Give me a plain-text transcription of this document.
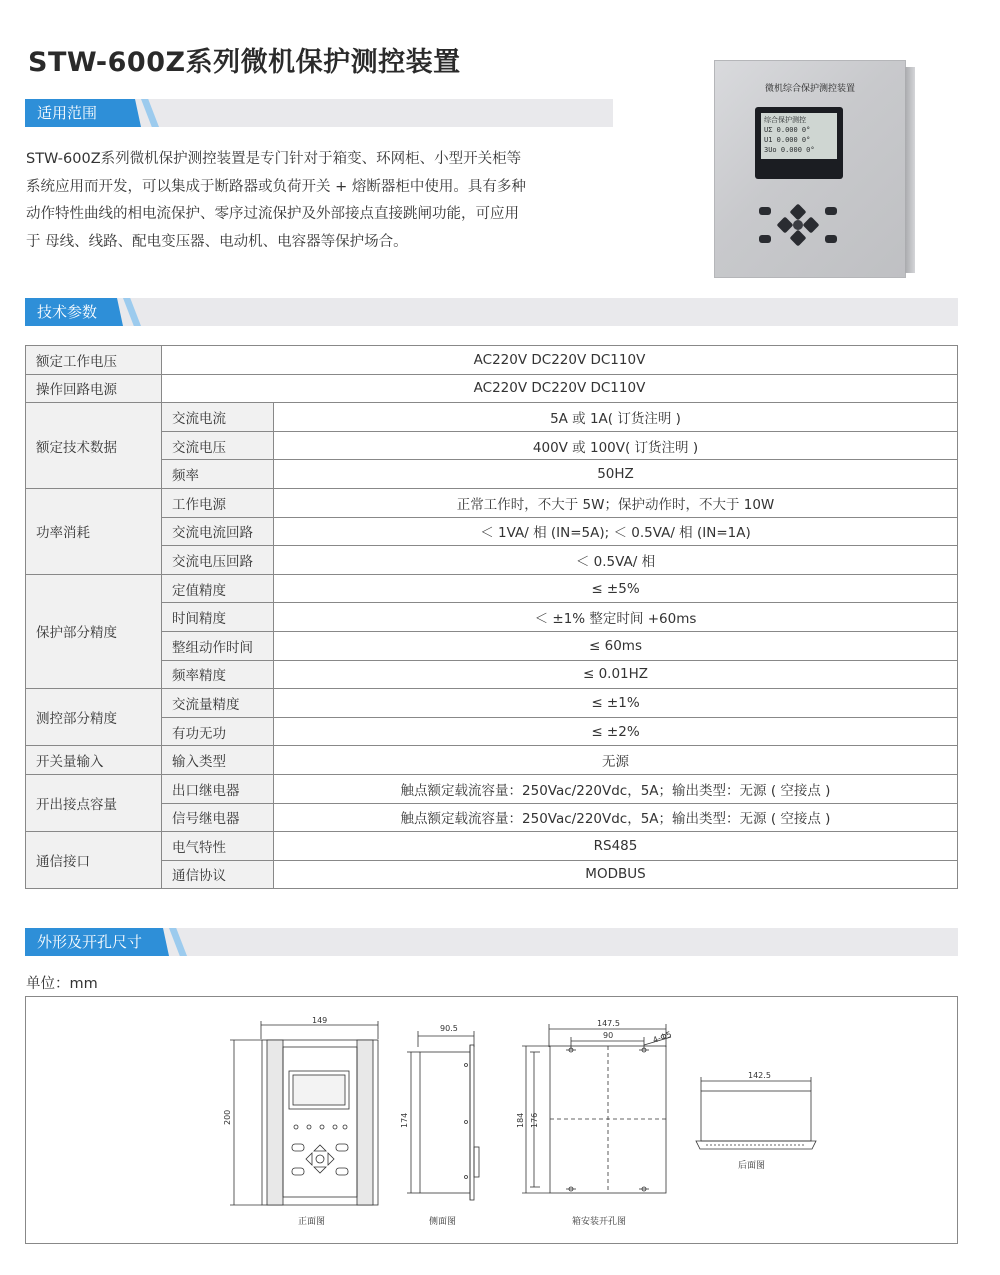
STW-600Z系列微机保护测控装置
适用范围
STW-600Z系列微机保护测控装置是专门针对于箱变、环网柜、小型开关柜等
系统应用而开发，可以集成于断路器或负荷开关 + 熔断器柜中使用。具有多种
动作特性曲线的相电流保护、零序过流保护及外部接点直接跳闸功能，可应用
于 母线、线路、配电变压器、电动机、电容器等保护场合。
微机综合保护测控装置
综合保护测控
UΣ 0.000 0°
U1 0.000 0°
3Uo 0.000 0°
技术参数
额定工作电压	AC220V DC220V DC110V	
操作回路电源	AC220V DC220V DC110V	
额定技术数据	交流电流	5A 或 1A( 订货注明 )
	交流电压	400V 或 100V( 订货注明 )
	频率	50HZ
功率消耗	工作电源	正常工作时，不大于 5W；保护动作时，不大于 10W
	交流电流回路	＜ 1VA/ 相 (IN=5A); ＜ 0.5VA/ 相 (IN=1A)
	交流电压回路	＜ 0.5VA/ 相
保护部分精度	定值精度	≤ ±5%
	时间精度	＜ ±1% 整定时间 +60ms
	整组动作时间	≤ 60ms
	频率精度	≤ 0.01HZ
测控部分精度	交流量精度	≤ ±1%
	有功无功	≤ ±2%
开关量输入	输入类型	无源
开出接点容量	出口继电器	触点额定载流容量：250Vac/220Vdc，5A；输出类型：无源 ( 空接点 )
	信号继电器	触点额定载流容量：250Vac/220Vdc，5A；输出类型：无源 ( 空接点 )
通信接口	电气特性	RS485
	通信协议	MODBUS
外形及开孔尺寸
单位：mm
149
200
正面图
90.5
174
侧面图
147.5
90	4-Φ5
184 176
箱安装开孔图
142.5
后面图
